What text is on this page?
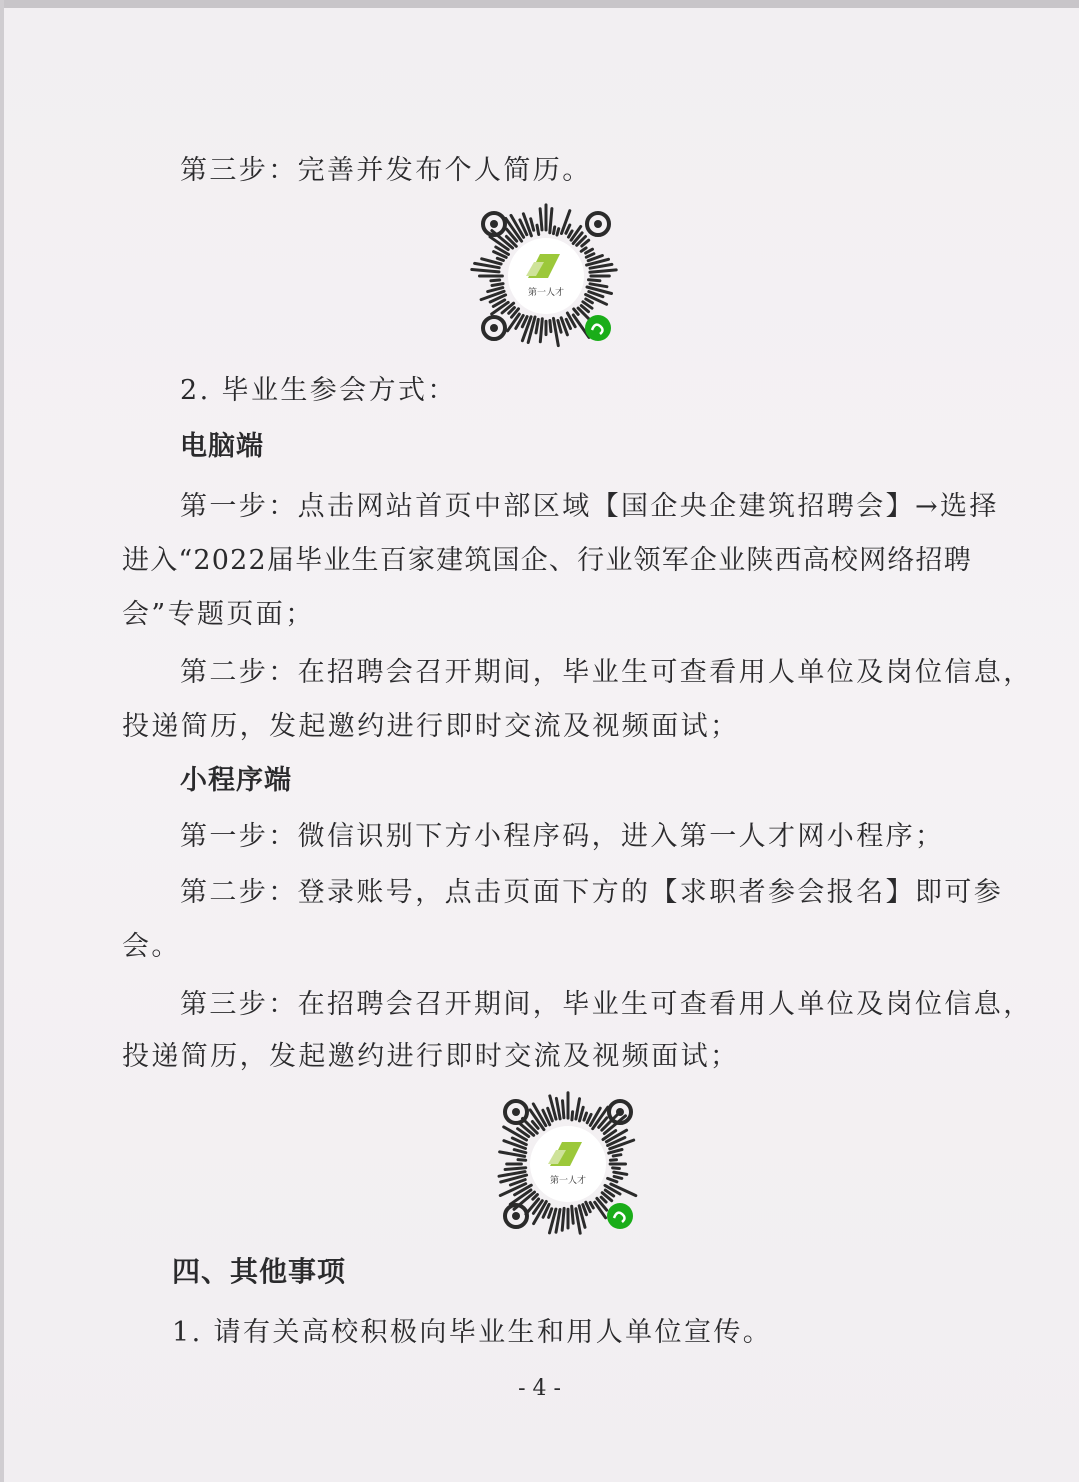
第三步：完善并发布个人简历。
第一人才
2. 毕业生参会方式：
电脑端
第一步：点击网站首页中部区域【国企央企建筑招聘会】→选择
进入“2022届毕业生百家建筑国企、行业领军企业陕西高校网络招聘
会”专题页面；
第二步：在招聘会召开期间，毕业生可查看用人单位及岗位信息，
投递简历，发起邀约进行即时交流及视频面试；
小程序端
第一步：微信识别下方小程序码，进入第一人才网小程序；
第二步：登录账号，点击页面下方的【求职者参会报名】即可参
会。
第三步：在招聘会召开期间，毕业生可查看用人单位及岗位信息，
投递简历，发起邀约进行即时交流及视频面试；
第一人才
四、其他事项
1. 请有关高校积极向毕业生和用人单位宣传。
- 4 -
